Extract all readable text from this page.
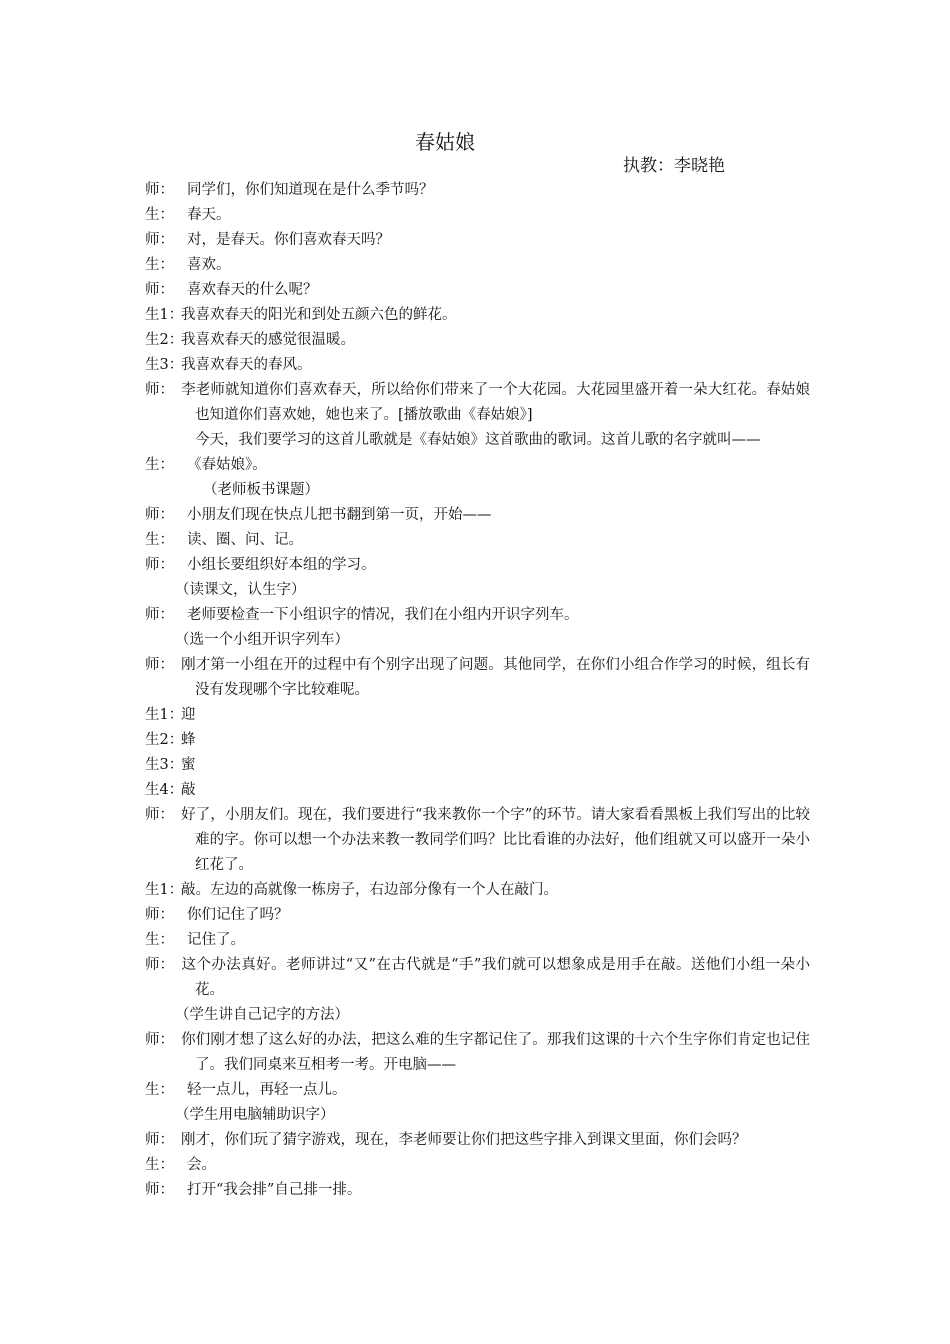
春姑娘
执教：李晓艳
师： 同学们，你们知道现在是什么季节吗？
生： 春天。
师： 对，是春天。你们喜欢春天吗？
生： 喜欢。
师： 喜欢春天的什么呢？
生1：我喜欢春天的阳光和到处五颜六色的鲜花。
生2：我喜欢春天的感觉很温暖。
生3：我喜欢春天的春风。
师： 李老师就知道你们喜欢春天，所以给你们带来了一个大花园。大花园里盛开着一朵大红花。春姑娘也知道你们喜欢她，她也来了。[播放歌曲《春姑娘》]
今天，我们要学习的这首儿歌就是《春姑娘》这首歌曲的歌词。这首儿歌的名字就叫——
生： 《春姑娘》。
（老师板书课题）
师： 小朋友们现在快点儿把书翻到第一页，开始——
生： 读、圈、问、记。
师： 小组长要组织好本组的学习。
（读课文，认生字）
师： 老师要检查一下小组识字的情况，我们在小组内开识字列车。
（选一个小组开识字列车）
师： 刚才第一小组在开的过程中有个别字出现了问题。其他同学，在你们小组合作学习的时候，组长有没有发现哪个字比较难呢。
生1：迎
生2：蜂
生3：蜜
生4：敲
师： 好了，小朋友们。现在，我们要进行“我来教你一个字”的环节。请大家看看黑板上我们写出的比较难的字。你可以想一个办法来教一教同学们吗？比比看谁的办法好，他们组就又可以盛开一朵小红花了。
生1：敲。左边的高就像一栋房子，右边部分像有一个人在敲门。
师： 你们记住了吗？
生： 记住了。
师： 这个办法真好。老师讲过“又”在古代就是“手”我们就可以想象成是用手在敲。送他们小组一朵小花。
（学生讲自己记字的方法）
师： 你们刚才想了这么好的办法，把这么难的生字都记住了。那我们这课的十六个生字你们肯定也记住了。我们同桌来互相考一考。开电脑——
生： 轻一点儿，再轻一点儿。
（学生用电脑辅助识字）
师： 刚才，你们玩了猜字游戏，现在，李老师要让你们把这些字排入到课文里面，你们会吗？
生： 会。
师： 打开“我会排”自己排一排。
